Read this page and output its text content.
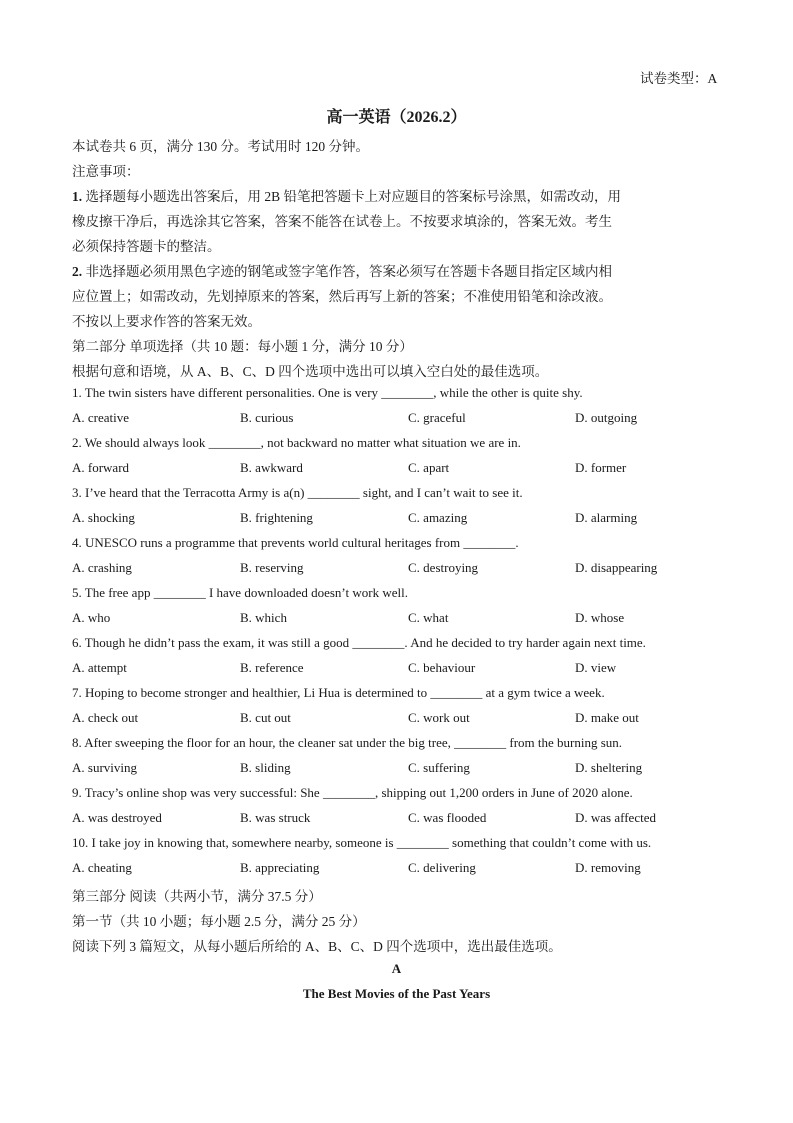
试卷类型：A
高一英语（2026.2）
本试卷共 6 页，满分 130 分。考试用时 120 分钟。
注意事项：
1. 选择题每小题选出答案后，用 2B 铅笔把答题卡上对应题目的答案标号涂黑，如需改动，用
橡皮擦干净后，再选涂其它答案，答案不能答在试卷上。不按要求填涂的，答案无效。考生
必须保持答题卡的整洁。
2. 非选择题必须用黑色字迹的钢笔或签字笔作答，答案必须写在答题卡各题目指定区域内相
应位置上；如需改动，先划掉原来的答案，然后再写上新的答案；不准使用铅笔和涂改液。
不按以上要求作答的答案无效。
第二部分 单项选择（共 10 题：每小题 1 分，满分 10 分）
根据句意和语境，从 A、B、C、D 四个选项中选出可以填入空白处的最佳选项。
1. The twin sisters have different personalities. One is very ________, while the other is quite shy.
A. creative	B. curious	C. graceful	D. outgoing
2. We should always look ________, not backward no matter what situation we are in.
A. forward	B. awkward	C. apart	D. former
3. I’ve heard that the Terracotta Army is a(n) ________ sight, and I can’t wait to see it.
A. shocking	B. frightening	C. amazing	D. alarming
4. UNESCO runs a programme that prevents world cultural heritages from ________.
A. crashing	B. reserving	C. destroying	D. disappearing
5. The free app ________ I have downloaded doesn’t work well.
A. who	B. which	C. what	D. whose
6. Though he didn’t pass the exam, it was still a good ________. And he decided to try harder again next time.
A. attempt	B. reference	C. behaviour	D. view
7. Hoping to become stronger and healthier, Li Hua is determined to ________ at a gym twice a week.
A. check out	B. cut out	C. work out	D. make out
8. After sweeping the floor for an hour, the cleaner sat under the big tree, ________ from the burning sun.
A. surviving	B. sliding	C. suffering	D. sheltering
9. Tracy’s online shop was very successful: She ________, shipping out 1,200 orders in June of 2020 alone.
A. was destroyed	B. was struck	C. was flooded	D. was affected
10. I take joy in knowing that, somewhere nearby, someone is ________ something that couldn’t come with us.
A. cheating	B. appreciating	C. delivering	D. removing
第三部分 阅读（共两小节，满分 37.5 分）
第一节（共 10 小题；每小题 2.5 分，满分 25 分）
阅读下列 3 篇短文，从每小题后所给的 A、B、C、D 四个选项中，选出最佳选项。
A
The Best Movies of the Past Years
